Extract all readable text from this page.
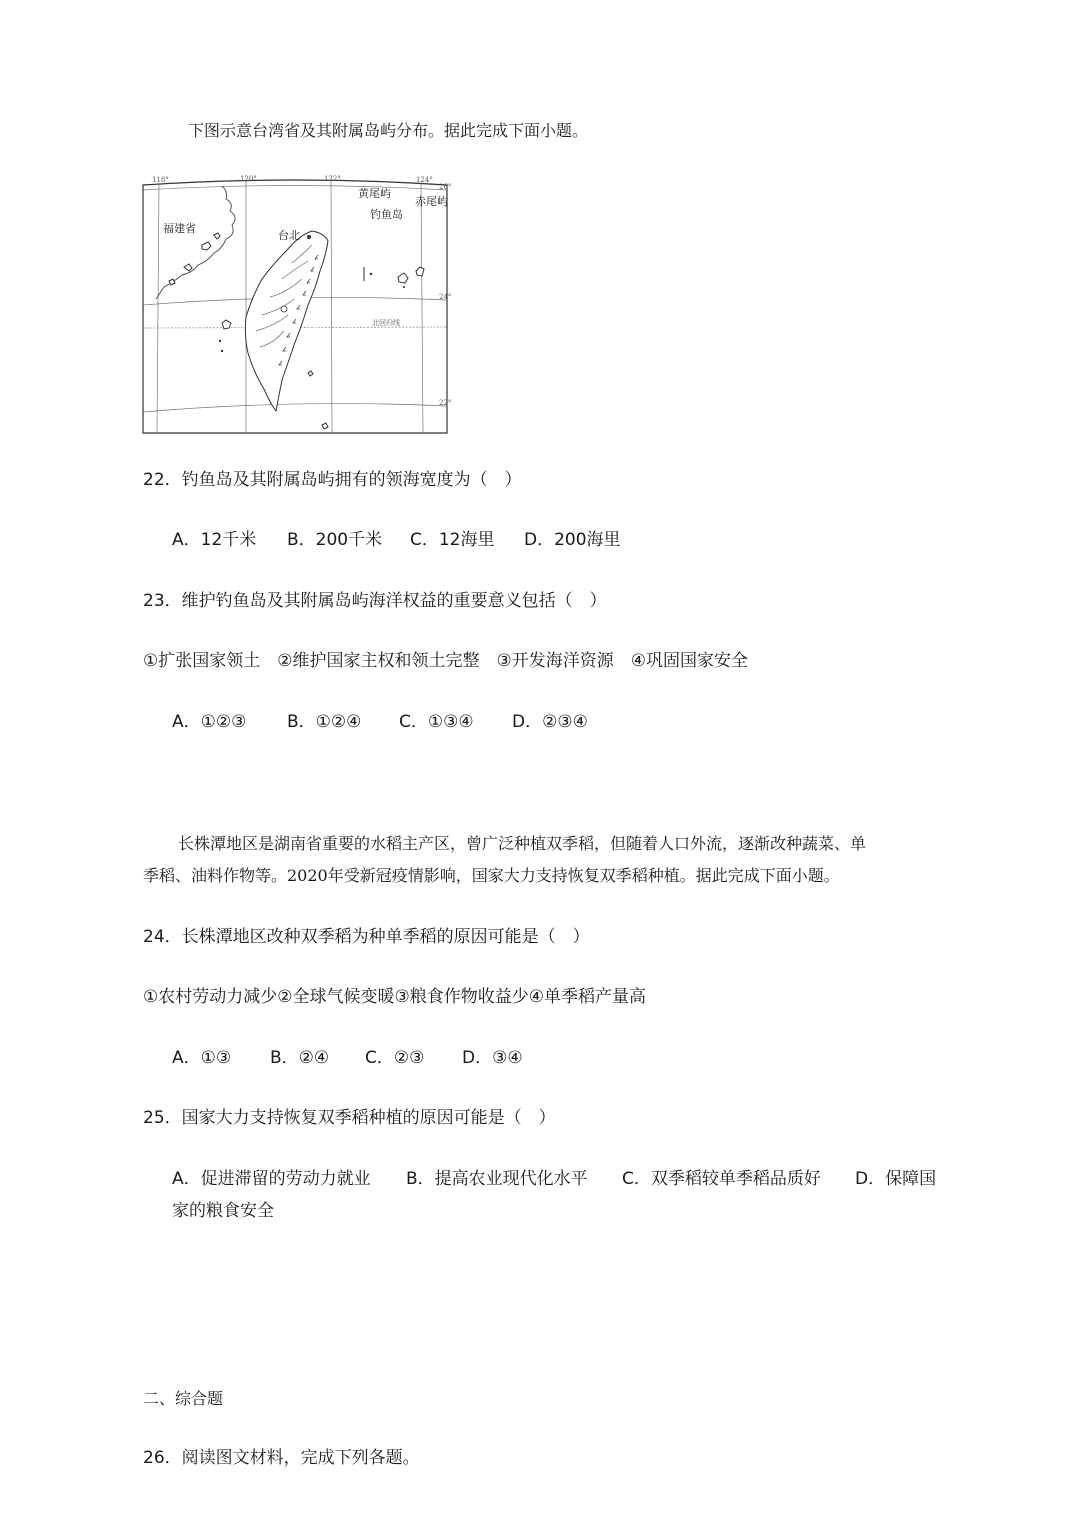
下图示意台湾省及其附属岛屿分布。据此完成下面小题。
118°	120°	122°	124°
26°
24°
22°
福建省
台北
黄尾屿
钓鱼岛
赤尾屿
北回归线
22．钓鱼岛及其附属岛屿拥有的领海宽度为（　）
A．12千米 B．200千米 C．12海里 D．200海里
23．维护钓鱼岛及其附属岛屿海洋权益的重要意义包括（　）
①扩张国家领土　②维护国家主权和领土完整　③开发海洋资源　④巩固国家安全
A．①②③ B．①②④ C．①③④ D．②③④
长株潭地区是湖南省重要的水稻主产区，曾广泛种植双季稻，但随着人口外流，逐渐改种蔬菜、单
季稻、油料作物等。2020年受新冠疫情影响，国家大力支持恢复双季稻种植。据此完成下面小题。
24．长株潭地区改种双季稻为种单季稻的原因可能是（　）
①农村劳动力减少②全球气候变暖③粮食作物收益少④单季稻产量高
A．①③ B．②④ C．②③ D．③④
25．国家大力支持恢复双季稻种植的原因可能是（　）
A．促进滞留的劳动力就业 B．提高农业现代化水平 C．双季稻较单季稻品质好 D．保障国
家的粮食安全
二、综合题
26．阅读图文材料，完成下列各题。
